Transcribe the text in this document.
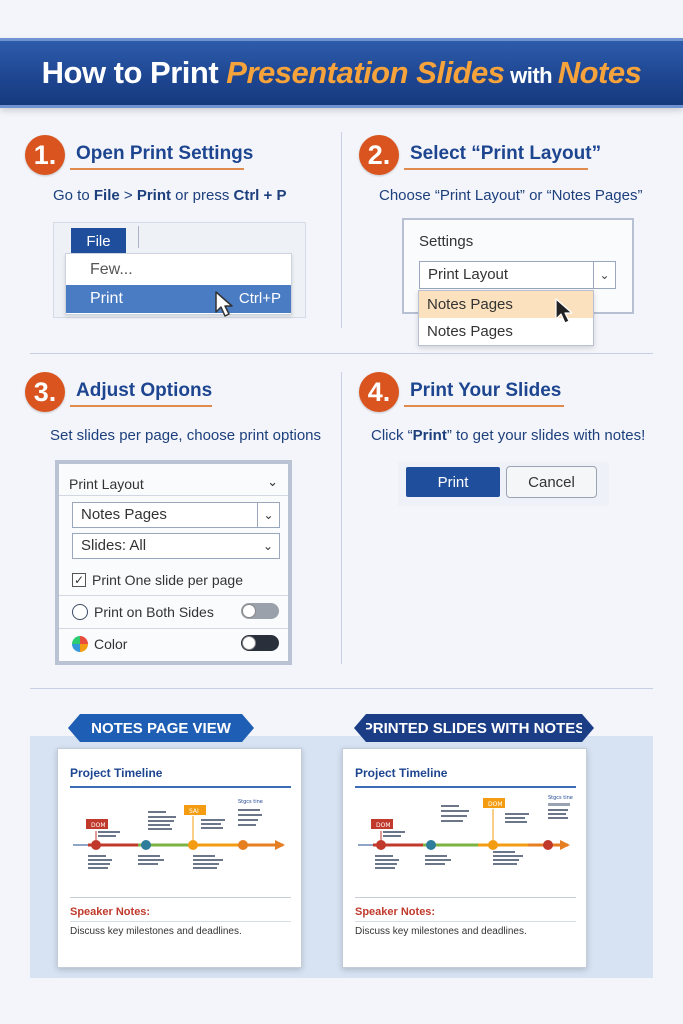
How to Print Presentation Slides with Notes
1.	Open Print Settings
Go to File > Print or press Ctrl + P
File
Few...
Print	Ctrl+P
2.	Select “Print Layout”
Choose “Print Layout” or “Notes Pages”
Settings
Print Layout	⌄
Notes Pages
Notes Pages
3.	Adjust Options
Set slides per page, choose print options
Print Layout	⌄
Notes Pages	⌄
Slides: All	⌄
✓ Print One slide per page
Print on Both Sides
Color
4.	Print Your Slides
Click “Print” to get your slides with notes!
Print	Cancel
NOTES PAGE VIEW	PRINTED SLIDES WITH NOTES
Project Timeline
DOM
SAI
Stgcs tine
Speaker Notes:
Discuss key milestones and deadlines.
Project Timeline
DOM
DOM
Stgcs tine
Speaker Notes:
Discuss key milestones and deadlines.
